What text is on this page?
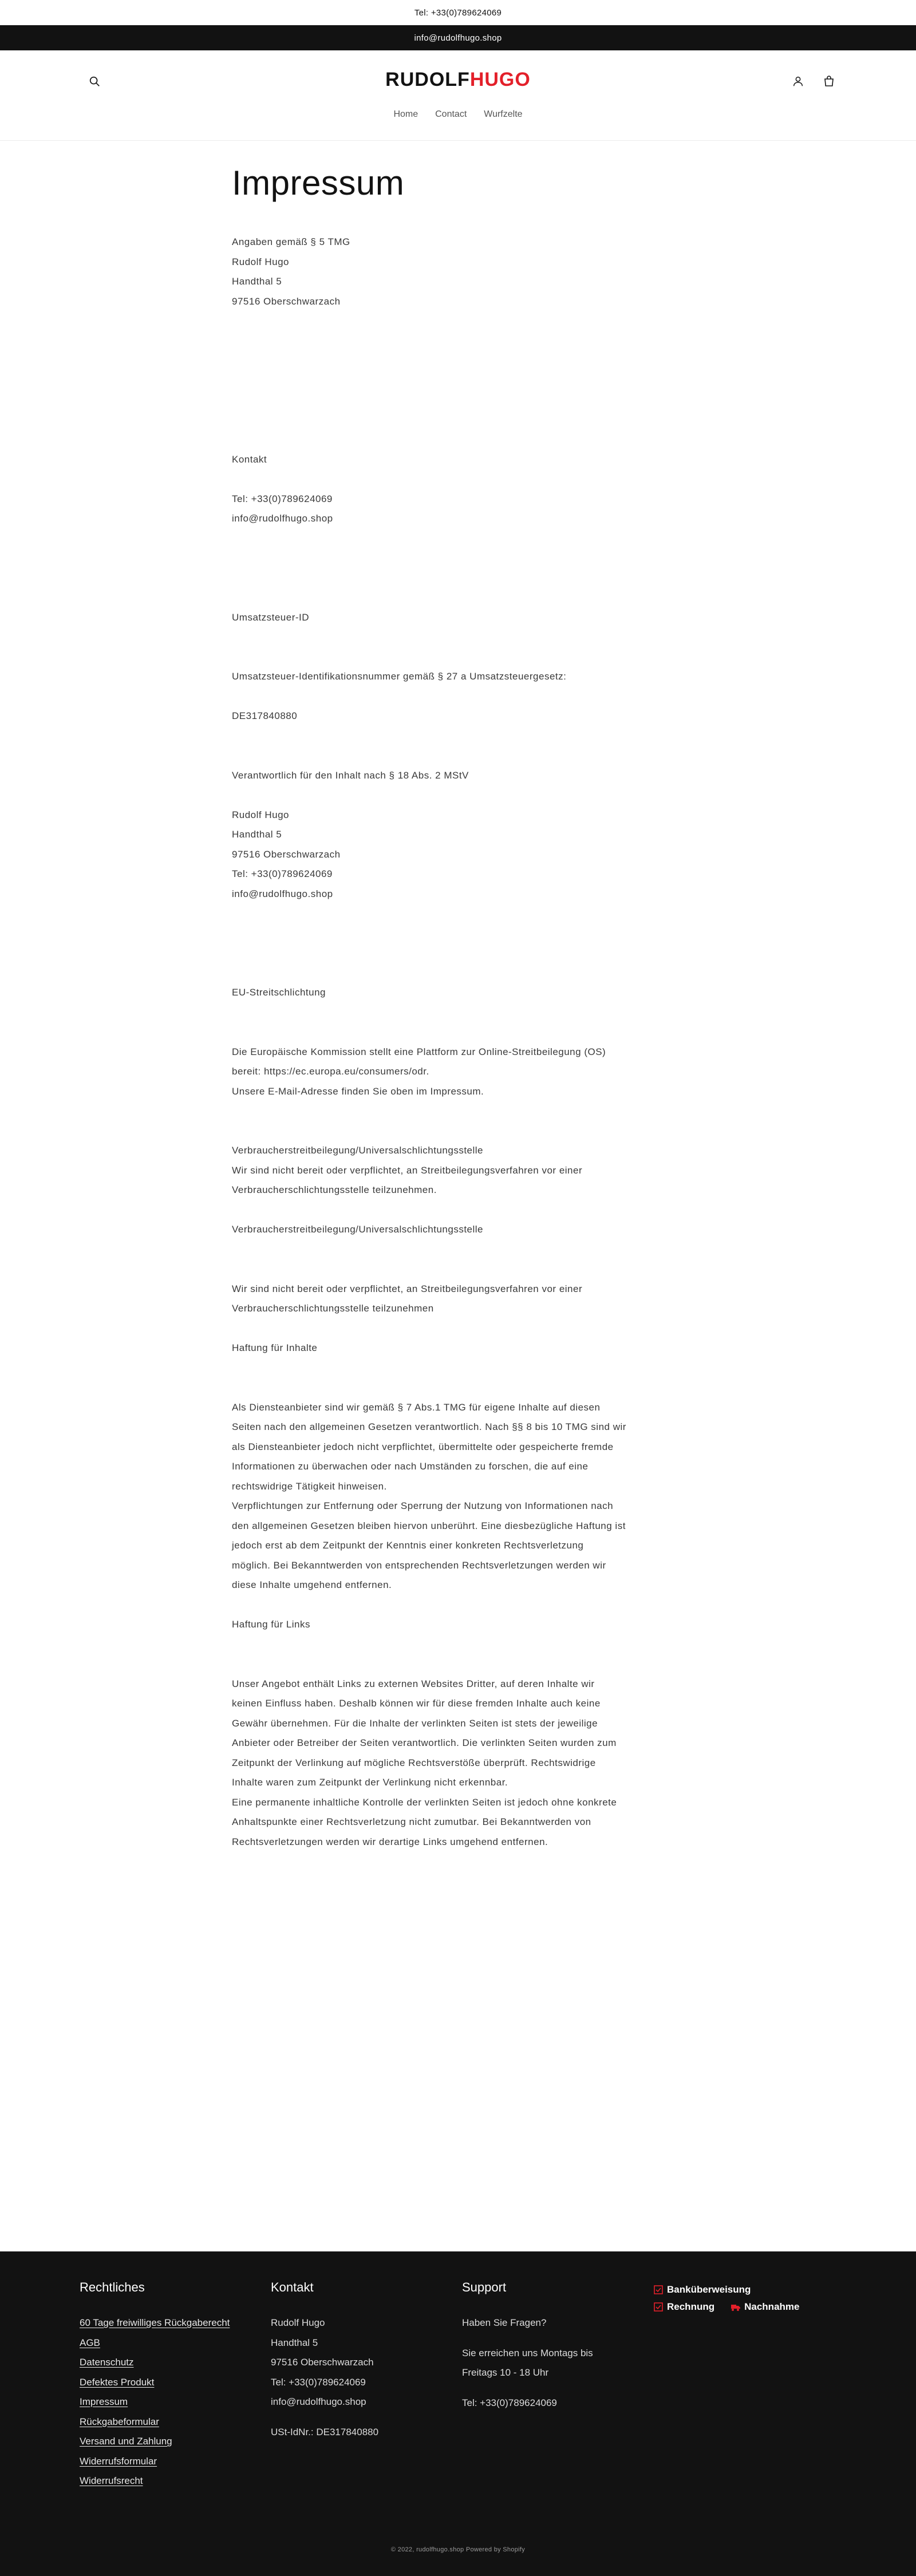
Tel: +33(0)789624069
info@rudolfhugo.shop
RUDOLFHUGO
Home Contact Wurfzelte
Impressum

Angaben gemäß § 5 TMG

Rudolf Hugo

Handthal 5

97516 Oberschwarzach

Kontakt

Tel: +33(0)789624069

info@rudolfhugo.shop

Umsatzsteuer-ID

Umsatzsteuer-Identifikationsnummer gemäß § 27 a Umsatzsteuergesetz:

DE317840880

Verantwortlich für den Inhalt nach § 18 Abs. 2 MStV

Rudolf Hugo

Handthal 5

97516 Oberschwarzach

Tel: +33(0)789624069

info@rudolfhugo.shop

EU-Streitschlichtung

Die Europäische Kommission stellt eine Plattform zur Online-Streitbeilegung (OS)

bereit: https://ec.europa.eu/consumers/odr.

Unsere E-Mail-Adresse finden Sie oben im Impressum.

Verbraucherstreitbeilegung/Universalschlichtungsstelle

Wir sind nicht bereit oder verpflichtet, an Streitbeilegungsverfahren vor einer

Verbraucherschlichtungsstelle teilzunehmen.

Verbraucherstreitbeilegung/Universalschlichtungsstelle

Wir sind nicht bereit oder verpflichtet, an Streitbeilegungsverfahren vor einer

Verbraucherschlichtungsstelle teilzunehmen

Haftung für Inhalte

Als Diensteanbieter sind wir gemäß § 7 Abs.1 TMG für eigene Inhalte auf diesen

Seiten nach den allgemeinen Gesetzen verantwortlich. Nach §§ 8 bis 10 TMG sind wir

als Diensteanbieter jedoch nicht verpflichtet, übermittelte oder gespeicherte fremde

Informationen zu überwachen oder nach Umständen zu forschen, die auf eine

rechtswidrige Tätigkeit hinweisen.

Verpflichtungen zur Entfernung oder Sperrung der Nutzung von Informationen nach

den allgemeinen Gesetzen bleiben hiervon unberührt. Eine diesbezügliche Haftung ist

jedoch erst ab dem Zeitpunkt der Kenntnis einer konkreten Rechtsverletzung

möglich. Bei Bekanntwerden von entsprechenden Rechtsverletzungen werden wir

diese Inhalte umgehend entfernen.

Haftung für Links

Unser Angebot enthält Links zu externen Websites Dritter, auf deren Inhalte wir

keinen Einfluss haben. Deshalb können wir für diese fremden Inhalte auch keine

Gewähr übernehmen. Für die Inhalte der verlinkten Seiten ist stets der jeweilige

Anbieter oder Betreiber der Seiten verantwortlich. Die verlinkten Seiten wurden zum

Zeitpunkt der Verlinkung auf mögliche Rechtsverstöße überprüft. Rechtswidrige

Inhalte waren zum Zeitpunkt der Verlinkung nicht erkennbar.

Eine permanente inhaltliche Kontrolle der verlinkten Seiten ist jedoch ohne konkrete

Anhaltspunkte einer Rechtsverletzung nicht zumutbar. Bei Bekanntwerden von

Rechtsverletzungen werden wir derartige Links umgehend entfernen.

Rechtliches
60 Tage freiwilliges Rückgaberecht
AGB
Datenschutz
Defektes Produkt
Impressum
Rückgabeformular
Versand und Zahlung
Widerrufsformular
Widerrufsrecht
Kontakt
Rudolf Hugo
Handthal 5
97516 Oberschwarzach
Tel: +33(0)789624069
info@rudolfhugo.shop
USt-IdNr.: DE317840880
Support
Haben Sie Fragen?
Sie erreichen uns Montags bis
Freitags 10 - 18 Uhr
Tel: +33(0)789624069
Banküberweisung
Rechnung	Nachnahme
© 2022, rudolfhugo.shop Powered by Shopify
